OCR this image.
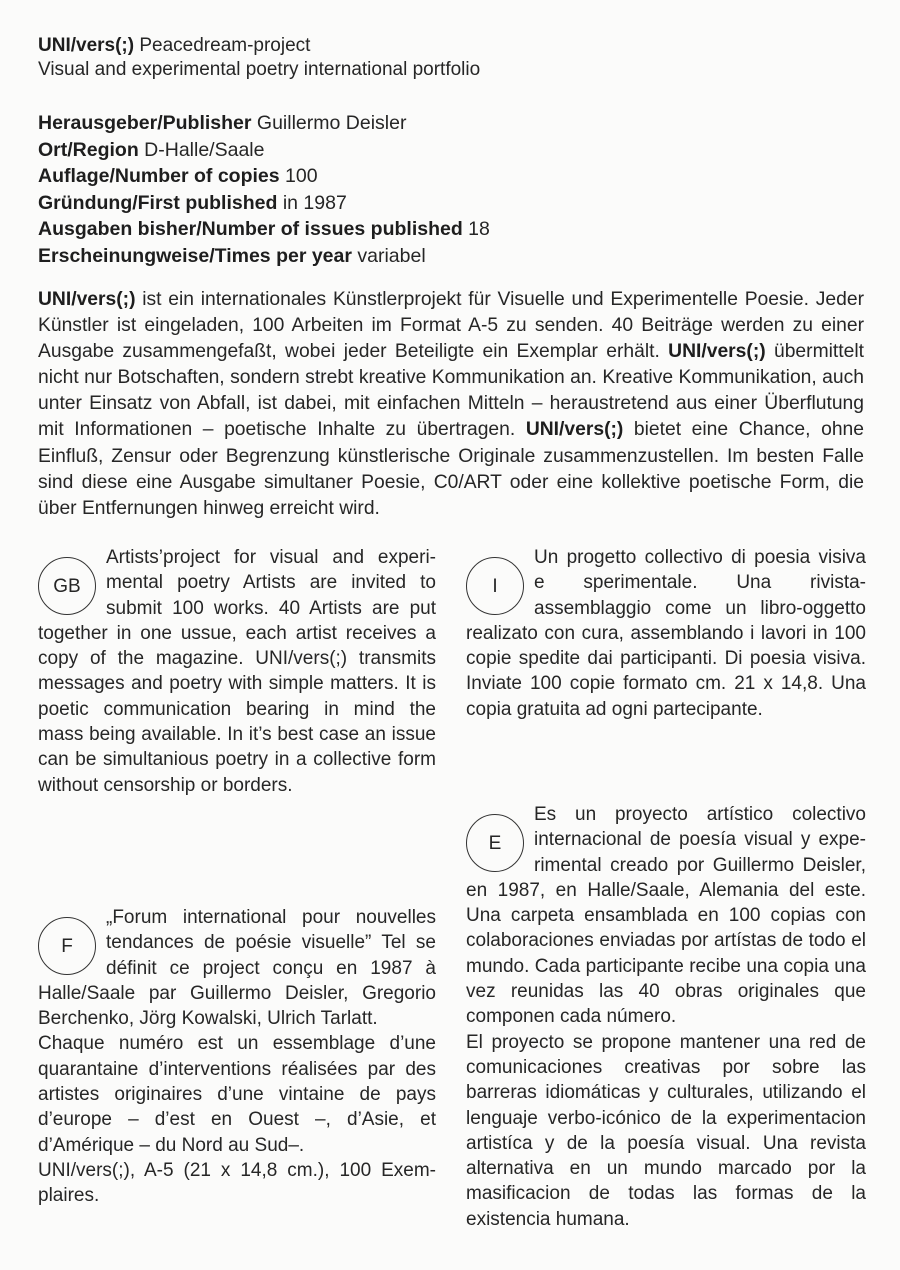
UNI/vers(;) Peacedream-project
Visual and experimental poetry international portfolio
Herausgeber/Publisher Guillermo Deisler
Ort/Region D-Halle/Saale
Auflage/Number of copies 100
Gründung/First published in 1987
Ausgaben bisher/Number of issues published 18
Erscheinungweise/Times per year variabel
UNI/vers(;) ist ein internationales Künstlerprojekt für Visuelle und Experimentelle Poesie. Jeder Künstler ist eingeladen, 100 Arbeiten im Format A-5 zu senden. 40 Beiträge werden zu einer Ausgabe zusammengefaßt, wobei jeder Beteiligte ein Exemplar erhält. UNI/vers(;) übermittelt nicht nur Botschaften, sondern strebt kreative Kommunikation an. Kreative Kommunikation, auch unter Einsatz von Abfall, ist dabei, mit einfachen Mitteln – heraustretend aus einer Überflutung mit Informationen – poetische Inhalte zu übertragen. UNI/vers(;) bietet eine Chance, ohne Einfluß, Zensur oder Begrenzung künstlerische Originale zusammenzustellen. Im besten Falle sind diese eine Ausgabe simultaner Poesie, C0/ART oder eine kollektive poetische Form, die über Entfernungen hinweg erreicht wird.
GB

Artists’project for visual and experimental poetry Artists are invited to submit 100 works. 40 Artists are put together in one ussue, each artist receives a copy of the magazine. UNI/vers(;) transmits messages and poetry with simple matters. It is poetic communication bearing in mind the mass being available. In it’s best case an issue can be simultanious poetry in a collective form without censorship or borders.

I

Un progetto collectivo di poesia visiva e sperimentale. Una rivista-assemblaggio come un libro-oggetto realizato con cura, assemblando i lavori in 100 copie spedite dai participanti. Di poesia visiva. Inviate 100 copie formato cm. 21 x 14,8. Una copia gratuita ad ogni partecipante.

E

Es un proyecto artístico colectivo internacional de poesía visual y experimental creado por Guillermo Deisler, en 1987, en Halle/Saale, Alemania del este. Una carpeta ensamblada en 100 copias con colaboraciones enviadas por artístas de todo el mundo. Cada participante recibe una copia una vez reunidas las 40 obras originales que componen cada número.

El proyecto se propone mantener una red de comunicaciones creativas por sobre las barreras idiomáticas y culturales, utilizando el lenguaje verbo-icónico de la experimentacion artistíca y de la poesía visual. Una revista alternativa en un mundo marcado por la masificacion de todas las formas de la existencia humana.

F

„Forum international pour nouvelles tendances de poésie visuelle” Tel se définit ce project conçu en 1987 à Halle/Saale par Guillermo Deisler, Gregorio Berchenko, Jörg Kowalski, Ulrich Tarlatt.

Chaque numéro est un essemblage d’une quarantaine d’interventions réalisées par des artistes originaires d’une vintaine de pays d’europe – d’est en Ouest –, d’Asie, et d’Amérique – du Nord au Sud–.

UNI/vers(;), A-5 (21 x 14,8 cm.), 100 Exemplaires.
